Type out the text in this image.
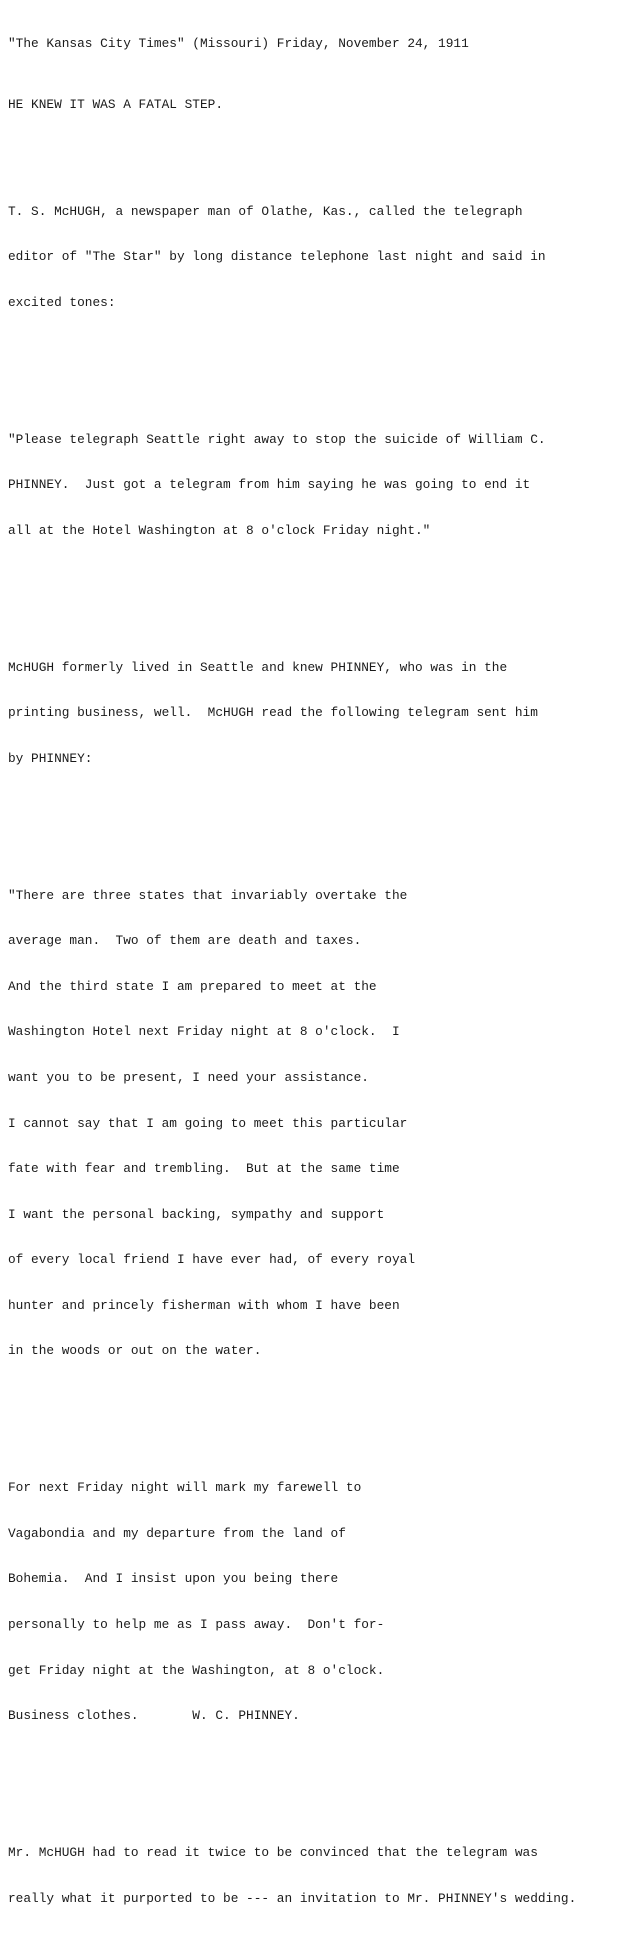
"The Kansas City Times" (Missouri) Friday, November 24, 1911

HE KNEW IT WAS A FATAL STEP.

T. S. McHUGH, a newspaper man of Olathe, Kas., called the telegraph

editor of "The Star" by long distance telephone last night and said in

excited tones:

"Please telegraph Seattle right away to stop the suicide of William C.

PHINNEY.  Just got a telegram from him saying he was going to end it

all at the Hotel Washington at 8 o'clock Friday night."

McHUGH formerly lived in Seattle and knew PHINNEY, who was in the

printing business, well.  McHUGH read the following telegram sent him

by PHINNEY:

"There are three states that invariably overtake the

average man.  Two of them are death and taxes.

And the third state I am prepared to meet at the

Washington Hotel next Friday night at 8 o'clock.  I

want you to be present, I need your assistance.

I cannot say that I am going to meet this particular

fate with fear and trembling.  But at the same time

I want the personal backing, sympathy and support

of every local friend I have ever had, of every royal

hunter and princely fisherman with whom I have been

in the woods or out on the water.

For next Friday night will mark my farewell to

Vagabondia and my departure from the land of

Bohemia.  And I insist upon you being there

personally to help me as I pass away.  Don't for-

get Friday night at the Washington, at 8 o'clock.

Business clothes.       W. C. PHINNEY.

Mr. McHUGH had to read it twice to be convinced that the telegram was

really what it purported to be --- an invitation to Mr. PHINNEY's wedding.
